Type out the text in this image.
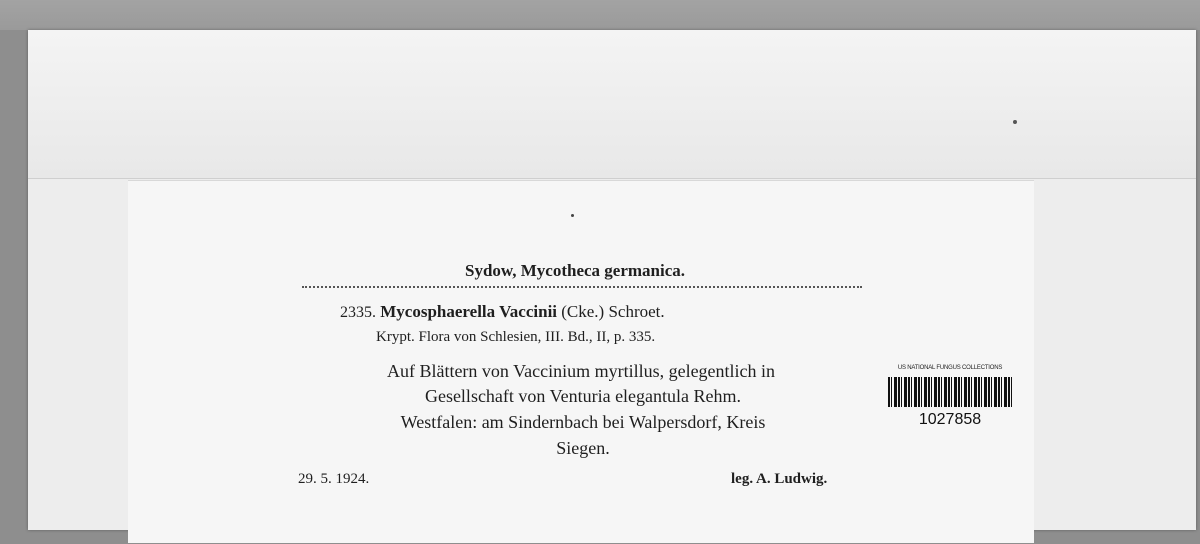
Sydow, Mycotheca germanica.
2335. Mycosphaerella Vaccinii (Cke.) Schroet.
Krypt. Flora von Schlesien, III. Bd., II, p. 335.
Auf Blättern von Vaccinium myrtillus, gelegentlich in
Gesellschaft von Venturia elegantula Rehm.
Westfalen: am Sindernbach bei Walpersdorf, Kreis
Siegen.
29. 5. 1924.	leg. A. Ludwig.
US NATIONAL FUNGUS COLLECTIONS
1027858
